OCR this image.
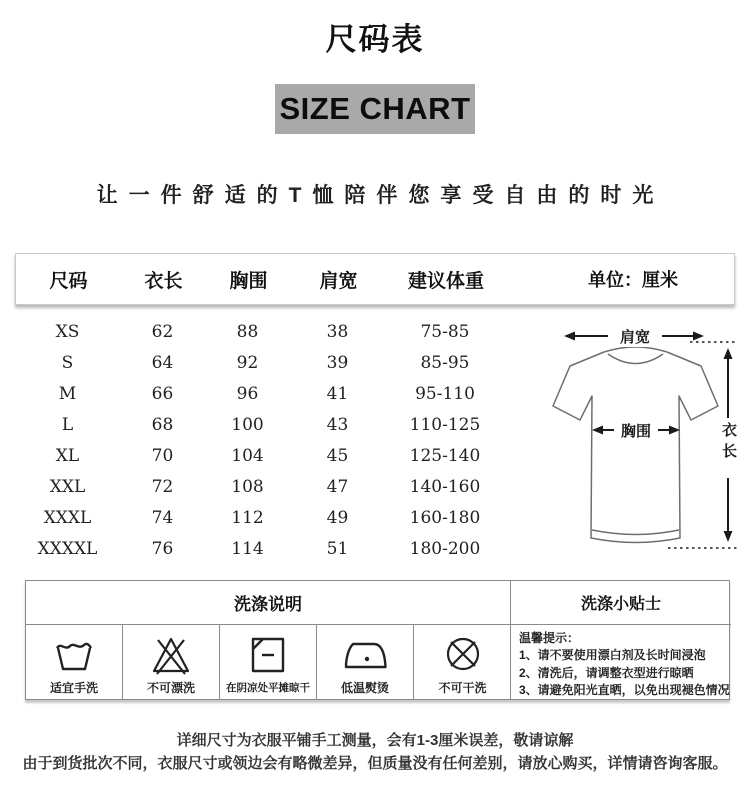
尺码表
SIZE CHART
让一件舒适的T恤陪伴您享受自由的时光
尺码	衣长	胸围	肩宽	建议体重	单位：厘米
XS	62	88	38	75-85
S	64	92	39	85-95
M	66	96	41	95-110
L	68	100	43	110-125
XL	70	104	45	125-140
XXL	72	108	47	140-160
XXXL	74	112	49	160-180
XXXXL	76	114	51	180-200
肩宽
胸围	衣长
洗涤说明	洗涤小贴士
适宜手洗	不可漂洗	在阴凉处平摊晾干	低温熨烫	不可干洗
温馨提示：
1、请不要使用漂白剂及长时间浸泡
2、清洗后，请调整衣型进行晾晒
3、请避免阳光直晒，以免出现褪色情况
详细尺寸为衣服平铺手工测量，会有1-3厘米误差，敬请谅解
由于到货批次不同，衣服尺寸或领边会有略微差异，但质量没有任何差别，请放心购买，详情请咨询客服。
